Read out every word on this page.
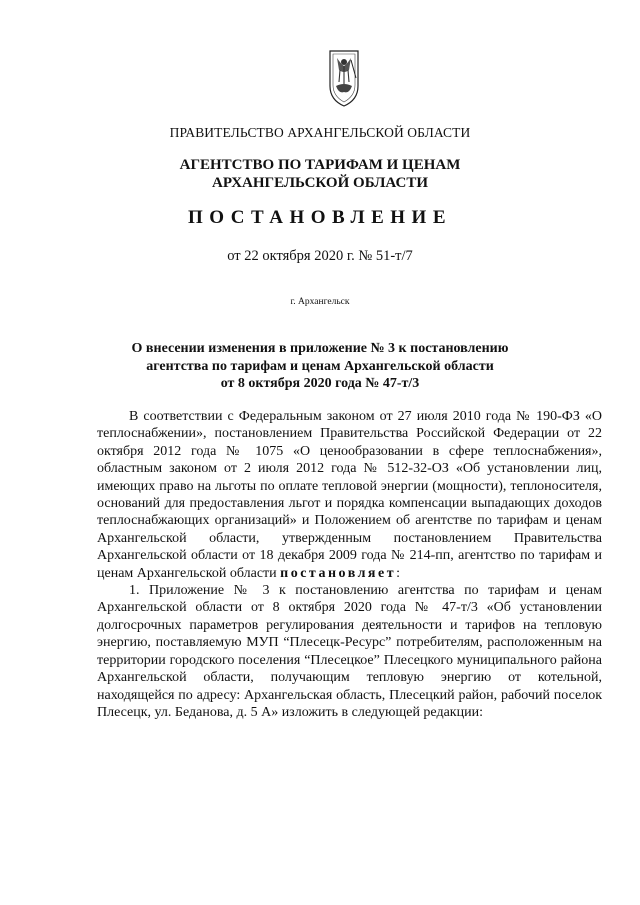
ПРАВИТЕЛЬСТВО АРХАНГЕЛЬСКОЙ ОБЛАСТИ
АГЕНТСТВО ПО ТАРИФАМ И ЦЕНАМ
АРХАНГЕЛЬСКОЙ ОБЛАСТИ
ПОСТАНОВЛЕНИЕ
от 22 октября 2020 г. № 51-т/7
г. Архангельск
О внесении изменения в приложение № 3 к постановлению
агентства по тарифам и ценам Архангельской области
от 8 октября 2020 года № 47-т/3

В соответствии с Федеральным законом от 27 июля 2010 года № 190-ФЗ «О теплоснабжении», постановлением Правительства Российской Федерации от 22 октября 2012 года № 1075 «О ценообразовании в сфере теплоснабжения», областным законом от 2 июля 2012 года № 512-32-ОЗ «Об установлении лиц, имеющих право на льготы по оплате тепловой энергии (мощности), теплоносителя, оснований для предоставления льгот и порядка компенсации выпадающих доходов теплоснабжающих организаций» и Положением об агентстве по тарифам и ценам Архангельской области, утвержденным постановлением Правительства Архангельской области от 18 декабря 2009 года № 214-пп, агентство по тарифам и ценам Архангельской области постановляет:

1. Приложение № 3 к постановлению агентства по тарифам и ценам Архангельской области от 8 октября 2020 года № 47-т/3 «Об установлении долгосрочных параметров регулирования деятельности и тарифов на тепловую энергию, поставляемую МУП “Плесецк-Ресурс” потребителям, расположенным на территории городского поселения “Плесецкое” Плесецкого муниципального района Архангельской области, получающим тепловую энергию от котельной, находящейся по адресу: Архангельская область, Плесецкий район, рабочий поселок Плесецк, ул. Беданова, д. 5 А» изложить в следующей редакции:
